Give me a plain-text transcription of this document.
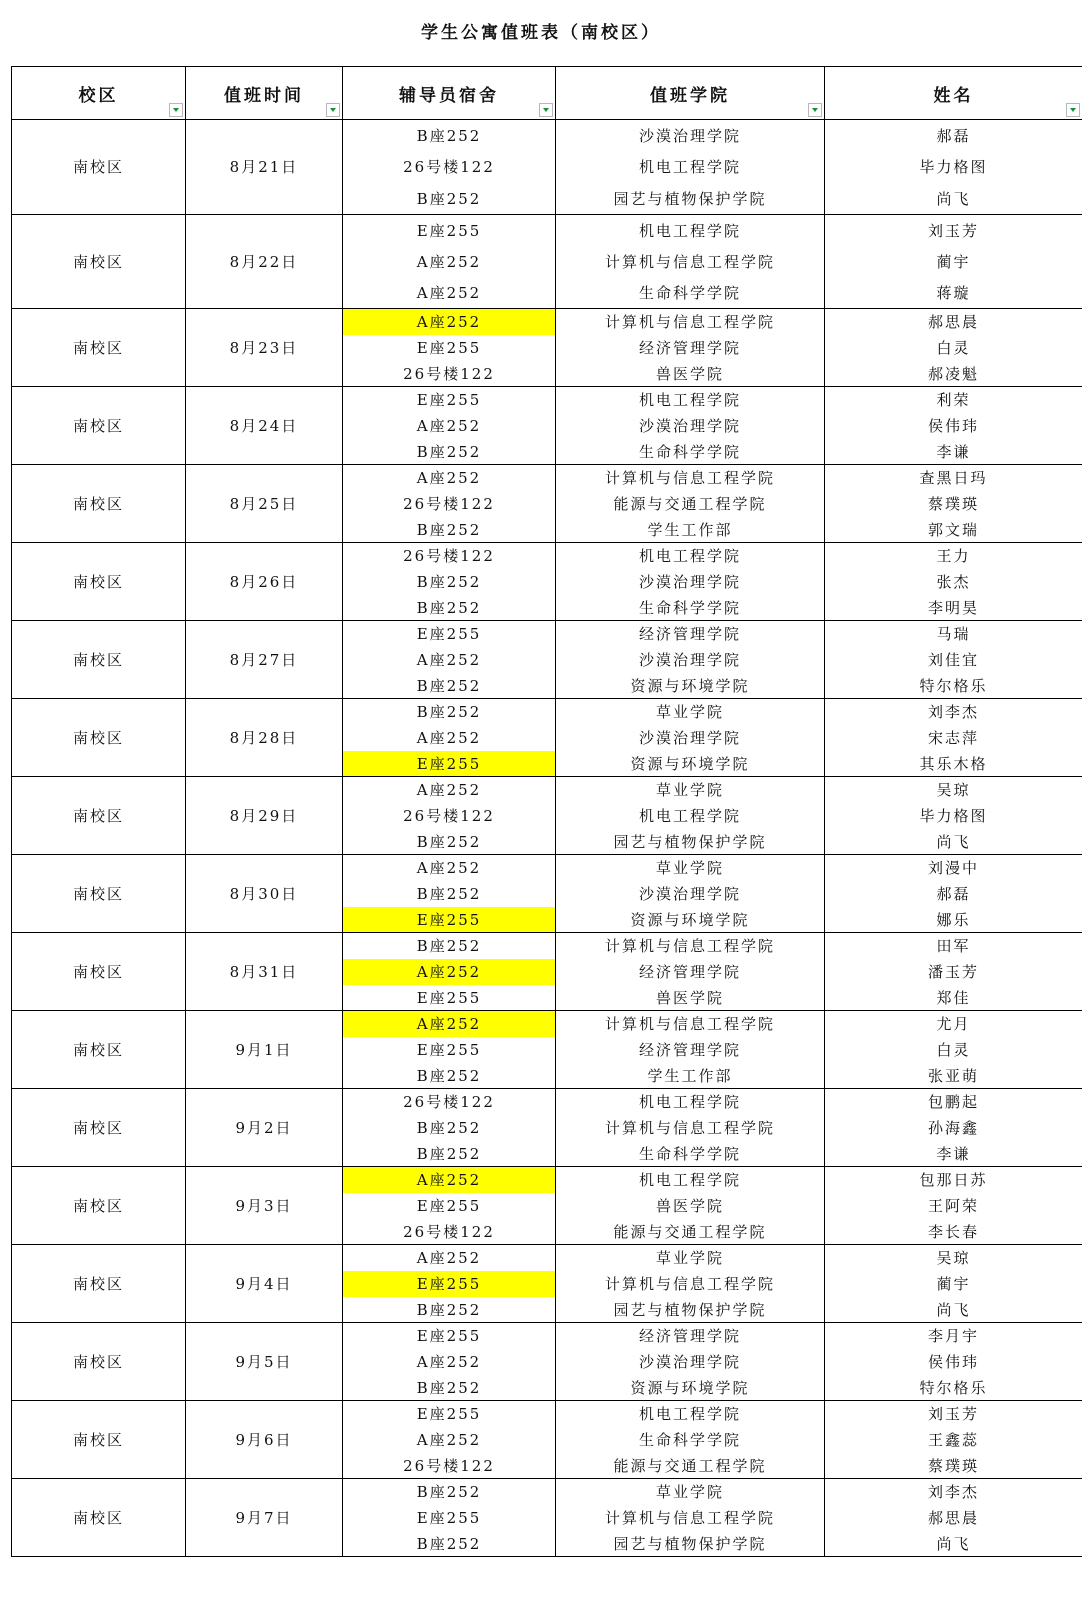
学生公寓值班表（南校区）
校区	值班时间	辅导员宿舍	值班学院	姓名

南校区	8月21日	B座252	沙漠治理学院	郝磊
		26号楼122	机电工程学院	毕力格图
		B座252	园艺与植物保护学院	尚飞
南校区	8月22日	E座255	机电工程学院	刘玉芳
		A座252	计算机与信息工程学院	蔺宇
		A座252	生命科学学院	蒋璇
南校区	8月23日	A座252	计算机与信息工程学院	郝思晨
		E座255	经济管理学院	白灵
		26号楼122	兽医学院	郝凌魁
南校区	8月24日	E座255	机电工程学院	利荣
		A座252	沙漠治理学院	侯伟玮
		B座252	生命科学学院	李谦
南校区	8月25日	A座252	计算机与信息工程学院	查黑日玛
		26号楼122	能源与交通工程学院	蔡璞瑛
		B座252	学生工作部	郭文瑞
南校区	8月26日	26号楼122	机电工程学院	王力
		B座252	沙漠治理学院	张杰
		B座252	生命科学学院	李明昊
南校区	8月27日	E座255	经济管理学院	马瑞
		A座252	沙漠治理学院	刘佳宜
		B座252	资源与环境学院	特尔格乐
南校区	8月28日	B座252	草业学院	刘李杰
		A座252	沙漠治理学院	宋志萍
		E座255	资源与环境学院	其乐木格
南校区	8月29日	A座252	草业学院	吴琼
		26号楼122	机电工程学院	毕力格图
		B座252	园艺与植物保护学院	尚飞
南校区	8月30日	A座252	草业学院	刘漫中
		B座252	沙漠治理学院	郝磊
		E座255	资源与环境学院	娜乐
南校区	8月31日	B座252	计算机与信息工程学院	田军
		A座252	经济管理学院	潘玉芳
		E座255	兽医学院	郑佳
南校区	9月1日	A座252	计算机与信息工程学院	尤月
		E座255	经济管理学院	白灵
		B座252	学生工作部	张亚萌
南校区	9月2日	26号楼122	机电工程学院	包鹏起
		B座252	计算机与信息工程学院	孙海鑫
		B座252	生命科学学院	李谦
南校区	9月3日	A座252	机电工程学院	包那日苏
		E座255	兽医学院	王阿荣
		26号楼122	能源与交通工程学院	李长春
南校区	9月4日	A座252	草业学院	吴琼
		E座255	计算机与信息工程学院	蔺宇
		B座252	园艺与植物保护学院	尚飞
南校区	9月5日	E座255	经济管理学院	李月宇
		A座252	沙漠治理学院	侯伟玮
		B座252	资源与环境学院	特尔格乐
南校区	9月6日	E座255	机电工程学院	刘玉芳
		A座252	生命科学学院	王鑫蕊
		26号楼122	能源与交通工程学院	蔡璞瑛
南校区	9月7日	B座252	草业学院	刘李杰
		E座255	计算机与信息工程学院	郝思晨
		B座252	园艺与植物保护学院	尚飞
